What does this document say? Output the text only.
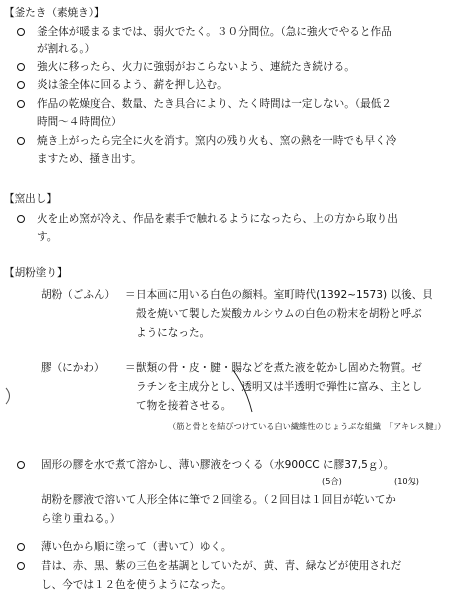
【釜たき（素焼き）】
釜全体が暖まるまでは、弱火でたく。３０分間位。（急に強火でやると作品
が割れる。）
強火に移ったら、火力に強弱がおこらないよう、連続たき続ける。
炎は釜全体に回るよう、薪を押し込む。
作品の乾燥度合、数量、たき具合により、たく時間は一定しない。（最低２
時間〜４時間位）
焼き上がったら完全に火を消す。窯内の残り火も、窯の熱を一時でも早く冷
ますため、掻き出す。
【窯出し】
火を止め窯が冷え、作品を素手で触れるようになったら、上の方から取り出
す。
【胡粉塗り】
胡粉（ごふん） ＝ 日本画に用いる白色の顔料。室町時代(1392~1573) 以後、貝
殻を焼いて製した炭酸カルシウムの白色の粉末を胡粉と呼ぶ
ようになった。
膠（にかわ） ＝ 獣類の骨・皮・腱・腸などを煮た液を乾かし固めた物質。ゼ
ラチンを主成分とし、透明又は半透明で弾性に富み、主とし
て物を接着させる。
（筋と骨とを結びつけている白い繊維性のじょうぶな組織　「アキレス腱」）
固形の膠を水で煮て溶かし、薄い膠液をつくる（水900CC に膠37,5ｇ）。
(5合)	(10匁)
胡粉を膠液で溶いて人形全体に筆で２回塗る。（２回目は１回目が乾いてか
ら塗り重ねる。）
薄い色から順に塗って（書いて）ゆく。
昔は、赤、黒、紫の三色を基調としていたが、黄、青、緑などが使用されだ
し、今では１２色を使うようになった。
